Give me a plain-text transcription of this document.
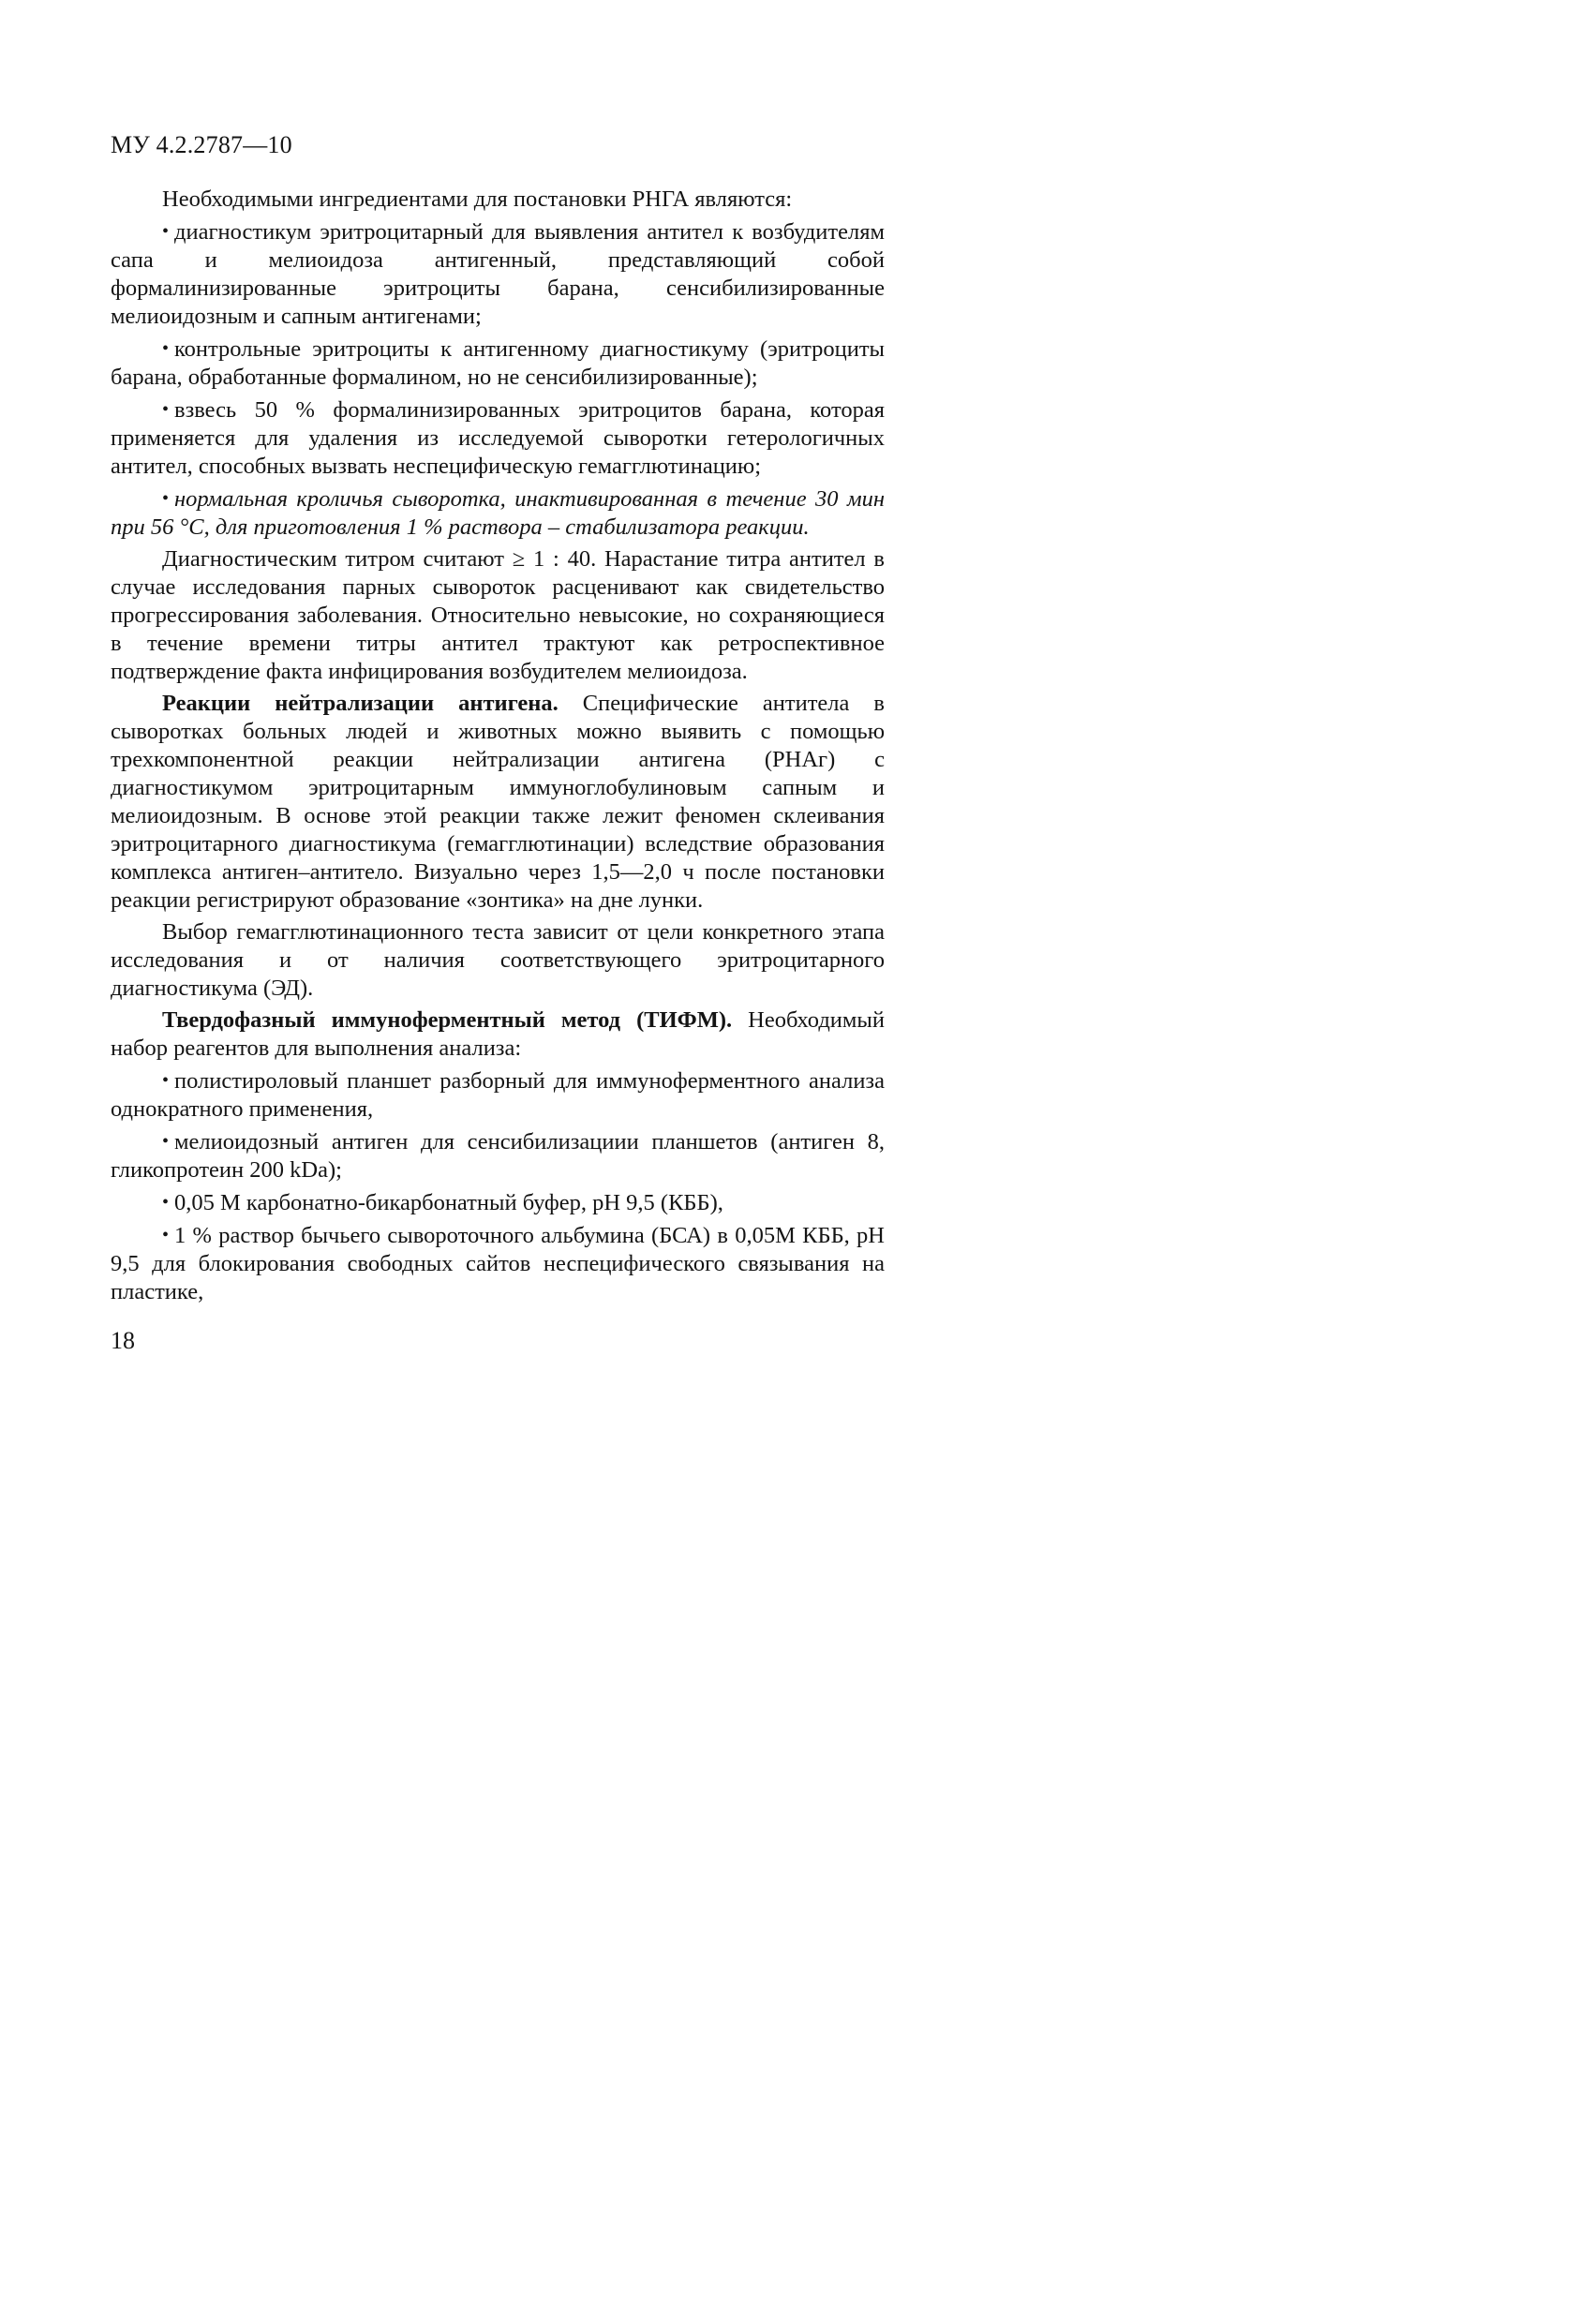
МУ 4.2.2787—10

Необходимыми ингредиентами для постановки РНГА являются:

• диагностикум эритроцитарный для выявления антител к возбудителям сапа и мелиоидоза антигенный, представляющий собой формалинизированные эритроциты барана, сенсибилизированные мелиоидозным и сапным антигенами;

• контрольные эритроциты к антигенному диагностикуму (эритроциты барана, обработанные формалином, но не сенсибилизированные);

• взвесь 50 % формалинизированных эритроцитов барана, которая применяется для удаления из исследуемой сыворотки гетерологичных антител, способных вызвать неспецифическую гемагглютинацию;

• нормальная кроличья сыворотка, инактивированная в течение 30 мин при 56 °С, для приготовления 1 % раствора – стабилизатора реакции.

Диагностическим титром считают ≥ 1 : 40. Нарастание титра антител в случае исследования парных сывороток расценивают как свидетельство прогрессирования заболевания. Относительно невысокие, но сохраняющиеся в течение времени титры антител трактуют как ретроспективное подтверждение факта инфицирования возбудителем мелиоидоза.

Реакции нейтрализации антигена. Специфические антитела в сыворотках больных людей и животных можно выявить с помощью трехкомпонентной реакции нейтрализации антигена (РНАг) с диагностикумом эритроцитарным иммуноглобулиновым сапным и мелиоидозным. В основе этой реакции также лежит феномен склеивания эритроцитарного диагностикума (гемагглютинации) вследствие образования комплекса антиген–антитело. Визуально через 1,5—2,0 ч после постановки реакции регистрируют образование «зонтика» на дне лунки.

Выбор гемагглютинационного теста зависит от цели конкретного этапа исследования и от наличия соответствующего эритроцитарного диагностикума (ЭД).

Твердофазный иммуноферментный метод (ТИФМ). Необходимый набор реагентов для выполнения анализа:

• полистироловый планшет разборный для иммуноферментного анализа однократного применения,

• мелиоидозный антиген для сенсибилизациии планшетов (антиген 8, гликопротеин 200 kDa);

• 0,05 М карбонатно-бикарбонатный буфер, рН 9,5 (КББ),

• 1 % раствор бычьего сывороточного альбумина (БСА) в 0,05М КББ, рН 9,5 для блокирования свободных сайтов неспецифического связывания на пластике,

18
